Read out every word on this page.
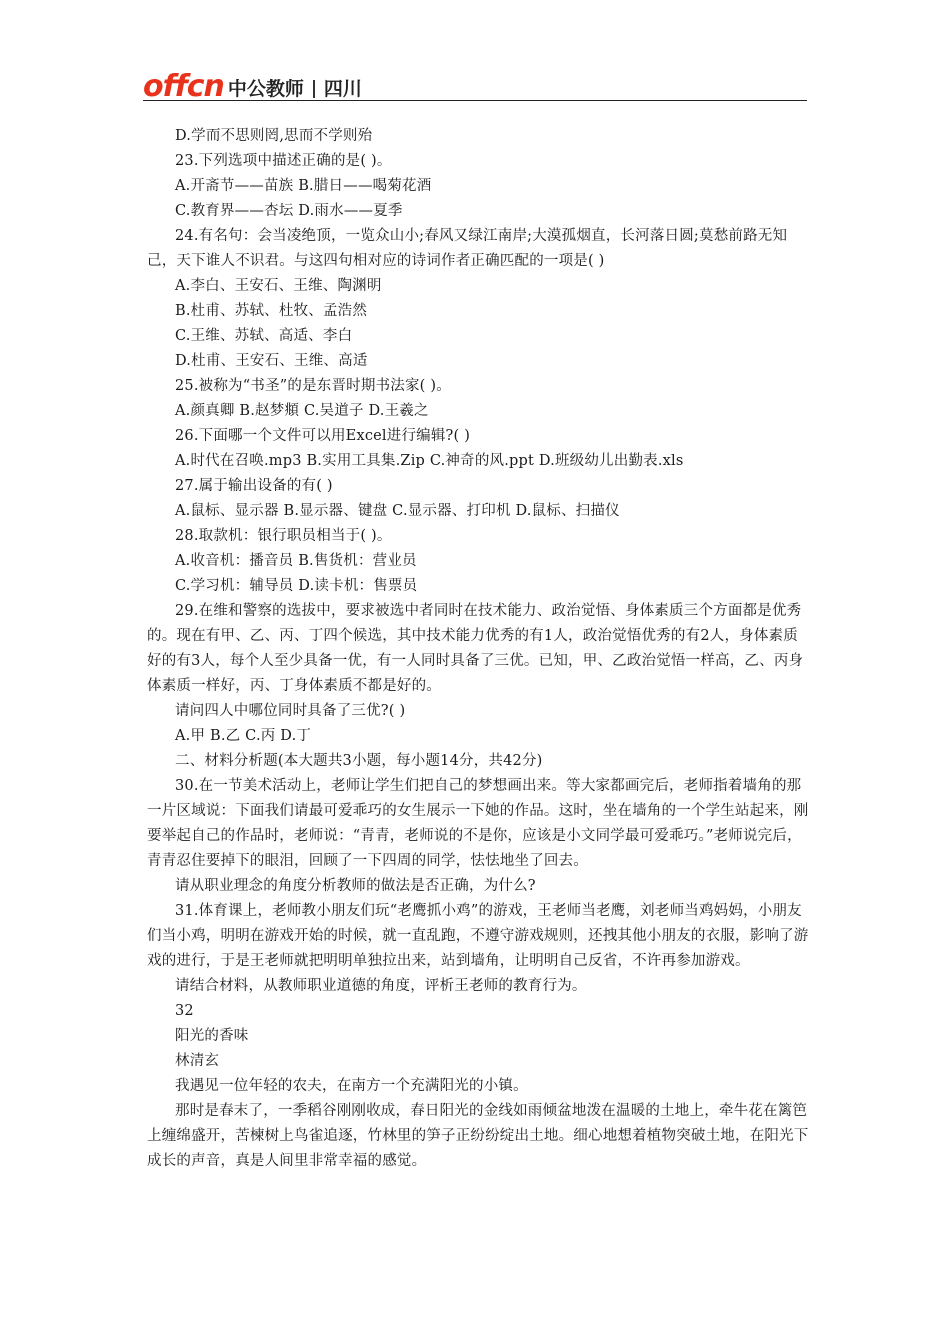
offcn 中公教师 四川
D.学而不思则罔,思而不学则殆
23.下列选项中描述正确的是( )。
A.开斋节——苗族 B.腊日——喝菊花酒
C.教育界——杏坛 D.雨水——夏季
24.有名句：会当凌绝顶，一览众山小;春风又绿江南岸;大漠孤烟直，长河落日圆;莫愁前路无知己，天下谁人不识君。与这四句相对应的诗词作者正确匹配的一项是( )
A.李白、王安石、王维、陶渊明
B.杜甫、苏轼、杜牧、孟浩然
C.王维、苏轼、高适、李白
D.杜甫、王安石、王维、高适
25.被称为“书圣”的是东晋时期书法家( )。
A.颜真卿 B.赵梦頫 C.吴道子 D.王羲之
26.下面哪一个文件可以用Excel进行编辑?( )
A.时代在召唤.mp3 B.实用工具集.Zip C.神奇的风.ppt D.班级幼儿出勤表.xls
27.属于输出设备的有( )
A.鼠标、显示器 B.显示器、键盘 C.显示器、打印机 D.鼠标、扫描仪
28.取款机：银行职员相当于( )。
A.收音机：播音员 B.售货机：营业员
C.学习机：辅导员 D.读卡机：售票员
29.在维和警察的选拔中，要求被选中者同时在技术能力、政治觉悟、身体素质三个方面都是优秀的。现在有甲、乙、丙、丁四个候选，其中技术能力优秀的有1人，政治觉悟优秀的有2人，身体素质好的有3人，每个人至少具备一优，有一人同时具备了三优。已知，甲、乙政治觉悟一样高，乙、丙身体素质一样好，丙、丁身体素质不都是好的。
请问四人中哪位同时具备了三优?( )
A.甲 B.乙 C.丙 D.丁
二、材料分析题(本大题共3小题，每小题14分，共42分)
30.在一节美术活动上，老师让学生们把自己的梦想画出来。等大家都画完后，老师指着墙角的那一片区域说：下面我们请最可爱乖巧的女生展示一下她的作品。这时，坐在墙角的一个学生站起来，刚要举起自己的作品时，老师说：“青青，老师说的不是你，应该是小文同学最可爱乖巧。”老师说完后，青青忍住要掉下的眼泪，回顾了一下四周的同学，怯怯地坐了回去。
请从职业理念的角度分析教师的做法是否正确，为什么?
31.体育课上，老师教小朋友们玩“老鹰抓小鸡”的游戏，王老师当老鹰，刘老师当鸡妈妈，小朋友们当小鸡，明明在游戏开始的时候，就一直乱跑，不遵守游戏规则，还拽其他小朋友的衣服，影响了游戏的进行，于是王老师就把明明单独拉出来，站到墙角，让明明自己反省，不许再参加游戏。
请结合材料，从教师职业道德的角度，评析王老师的教育行为。
32
阳光的香味
林清玄
我遇见一位年轻的农夫，在南方一个充满阳光的小镇。
那时是春末了，一季稻谷刚刚收成，春日阳光的金线如雨倾盆地泼在温暖的土地上，牵牛花在篱笆上缠绵盛开，苦楝树上鸟雀追逐，竹林里的笋子正纷纷绽出土地。细心地想着植物突破土地，在阳光下成长的声音，真是人间里非常幸福的感觉。
